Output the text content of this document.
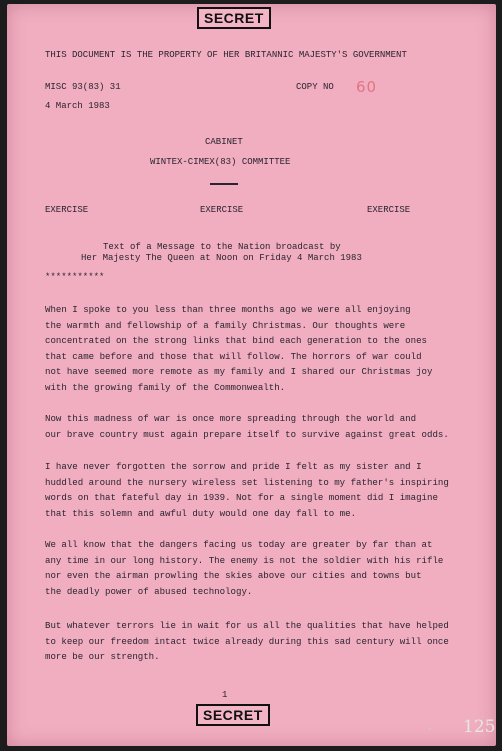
SECRET
THIS DOCUMENT IS THE PROPERTY OF HER BRITANNIC MAJESTY'S GOVERNMENT
MISC 93(83) 31	COPY NO 60
4 March 1983
CABINET
WINTEX-CIMEX(83) COMMITTEE
EXERCISE	EXERCISE	EXERCISE
Text of a Message to the Nation broadcast by
Her Majesty The Queen at Noon on Friday 4 March 1983
***********
When I spoke to you less than three months ago we were all enjoying
the warmth and fellowship of a family Christmas. Our thoughts were
concentrated on the strong links that bind each generation to the ones
that came before and those that will follow. The horrors of war could
not have seemed more remote as my family and I shared our Christmas joy
with the growing family of the Commonwealth.
Now this madness of war is once more spreading through the world and
our brave country must again prepare itself to survive against great odds.
I have never forgotten the sorrow and pride I felt as my sister and I
huddled around the nursery wireless set listening to my father's inspiring
words on that fateful day in 1939. Not for a single moment did I imagine
that this solemn and awful duty would one day fall to me.
We all know that the dangers facing us today are greater by far than at
any time in our long history. The enemy is not the soldier with his rifle
nor even the airman prowling the skies above our cities and towns but
the deadly power of abused technology.
But whatever terrors lie in wait for us all the qualities that have helped
to keep our freedom intact twice already during this sad century will once
more be our strength.
1
SECRET
- 125
